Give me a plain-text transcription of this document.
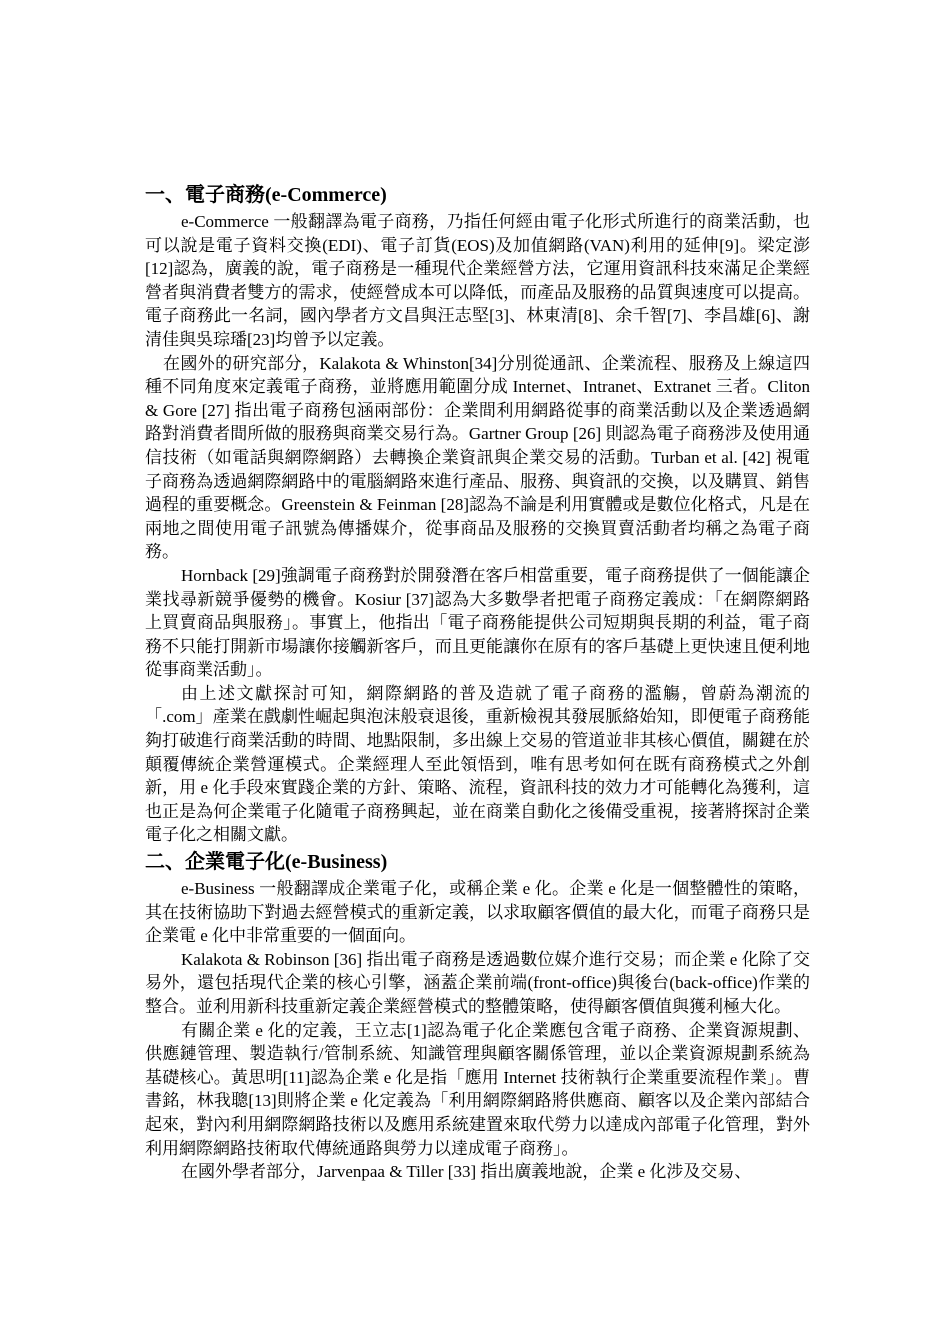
一、電子商務(e-Commerce)

e-Commerce 一般翻譯為電子商務，乃指任何經由電子化形式所進行的商業活動，也可以說是電子資料交換(EDI)、電子訂貨(EOS)及加值網路(VAN)利用的延伸[9]。梁定澎[12]認為，廣義的說，電子商務是一種現代企業經營方法，它運用資訊科技來滿足企業經營者與消費者雙方的需求，使經營成本可以降低，而產品及服務的品質與速度可以提高。電子商務此一名詞，國內學者方文昌與汪志堅[3]、林東清[8]、余千智[7]、李昌雄[6]、謝清佳與吳琮璠[23]均曾予以定義。

在國外的研究部分，Kalakota & Whinston[34]分別從通訊、企業流程、服務及上線這四種不同角度來定義電子商務，並將應用範圍分成 Internet、Intranet、Extranet 三者。Cliton & Gore [27] 指出電子商務包涵兩部份：企業間利用網路從事的商業活動以及企業透過網路對消費者間所做的服務與商業交易行為。Gartner Group [26] 則認為電子商務涉及使用通信技術（如電話與網際網路）去轉換企業資訊與企業交易的活動。Turban et al. [42] 視電子商務為透過網際網路中的電腦網路來進行產品、服務、與資訊的交換，以及購買、銷售過程的重要概念。Greenstein & Feinman [28]認為不論是利用實體或是數位化格式，凡是在兩地之間使用電子訊號為傳播媒介，從事商品及服務的交換買賣活動者均稱之為電子商務。

Hornback [29]強調電子商務對於開發潛在客戶相當重要，電子商務提供了一個能讓企業找尋新競爭優勢的機會。Kosiur [37]認為大多數學者把電子商務定義成：「在網際網路上買賣商品與服務」。事實上，他指出「電子商務能提供公司短期與長期的利益，電子商務不只能打開新市場讓你接觸新客戶，而且更能讓你在原有的客戶基礎上更快速且便利地從事商業活動」。

由上述文獻探討可知，網際網路的普及造就了電子商務的濫觴，曾蔚為潮流的「.com」產業在戲劇性崛起與泡沫般衰退後，重新檢視其發展脈絡始知，即便電子商務能夠打破進行商業活動的時間、地點限制，多出線上交易的管道並非其核心價值，關鍵在於顛覆傳統企業營運模式。企業經理人至此領悟到，唯有思考如何在既有商務模式之外創新，用 e 化手段來實踐企業的方針、策略、流程，資訊科技的效力才可能轉化為獲利，這也正是為何企業電子化隨電子商務興起，並在商業自動化之後備受重視，接著將探討企業電子化之相關文獻。

二、企業電子化(e-Business)

e-Business 一般翻譯成企業電子化，或稱企業 e 化。企業 e 化是一個整體性的策略，其在技術協助下對過去經營模式的重新定義，以求取顧客價值的最大化，而電子商務只是企業電 e 化中非常重要的一個面向。

Kalakota & Robinson [36] 指出電子商務是透過數位媒介進行交易；而企業 e 化除了交易外，還包括現代企業的核心引擎，涵蓋企業前端(front-office)與後台(back-office)作業的整合。並利用新科技重新定義企業經營模式的整體策略，使得顧客價值與獲利極大化。

有關企業 e 化的定義，王立志[1]認為電子化企業應包含電子商務、企業資源規劃、供應鏈管理、製造執行/管制系統、知識管理與顧客關係管理，並以企業資源規劃系統為基礎核心。黃思明[11]認為企業 e 化是指「應用 Internet 技術執行企業重要流程作業」。曹書銘，林我聰[13]則將企業 e 化定義為「利用網際網路將供應商、顧客以及企業內部結合起來，對內利用網際網路技術以及應用系統建置來取代勞力以達成內部電子化管理，對外利用網際網路技術取代傳統通路與勞力以達成電子商務」。

在國外學者部分，Jarvenpaa & Tiller [33] 指出廣義地說，企業 e 化涉及交易、
